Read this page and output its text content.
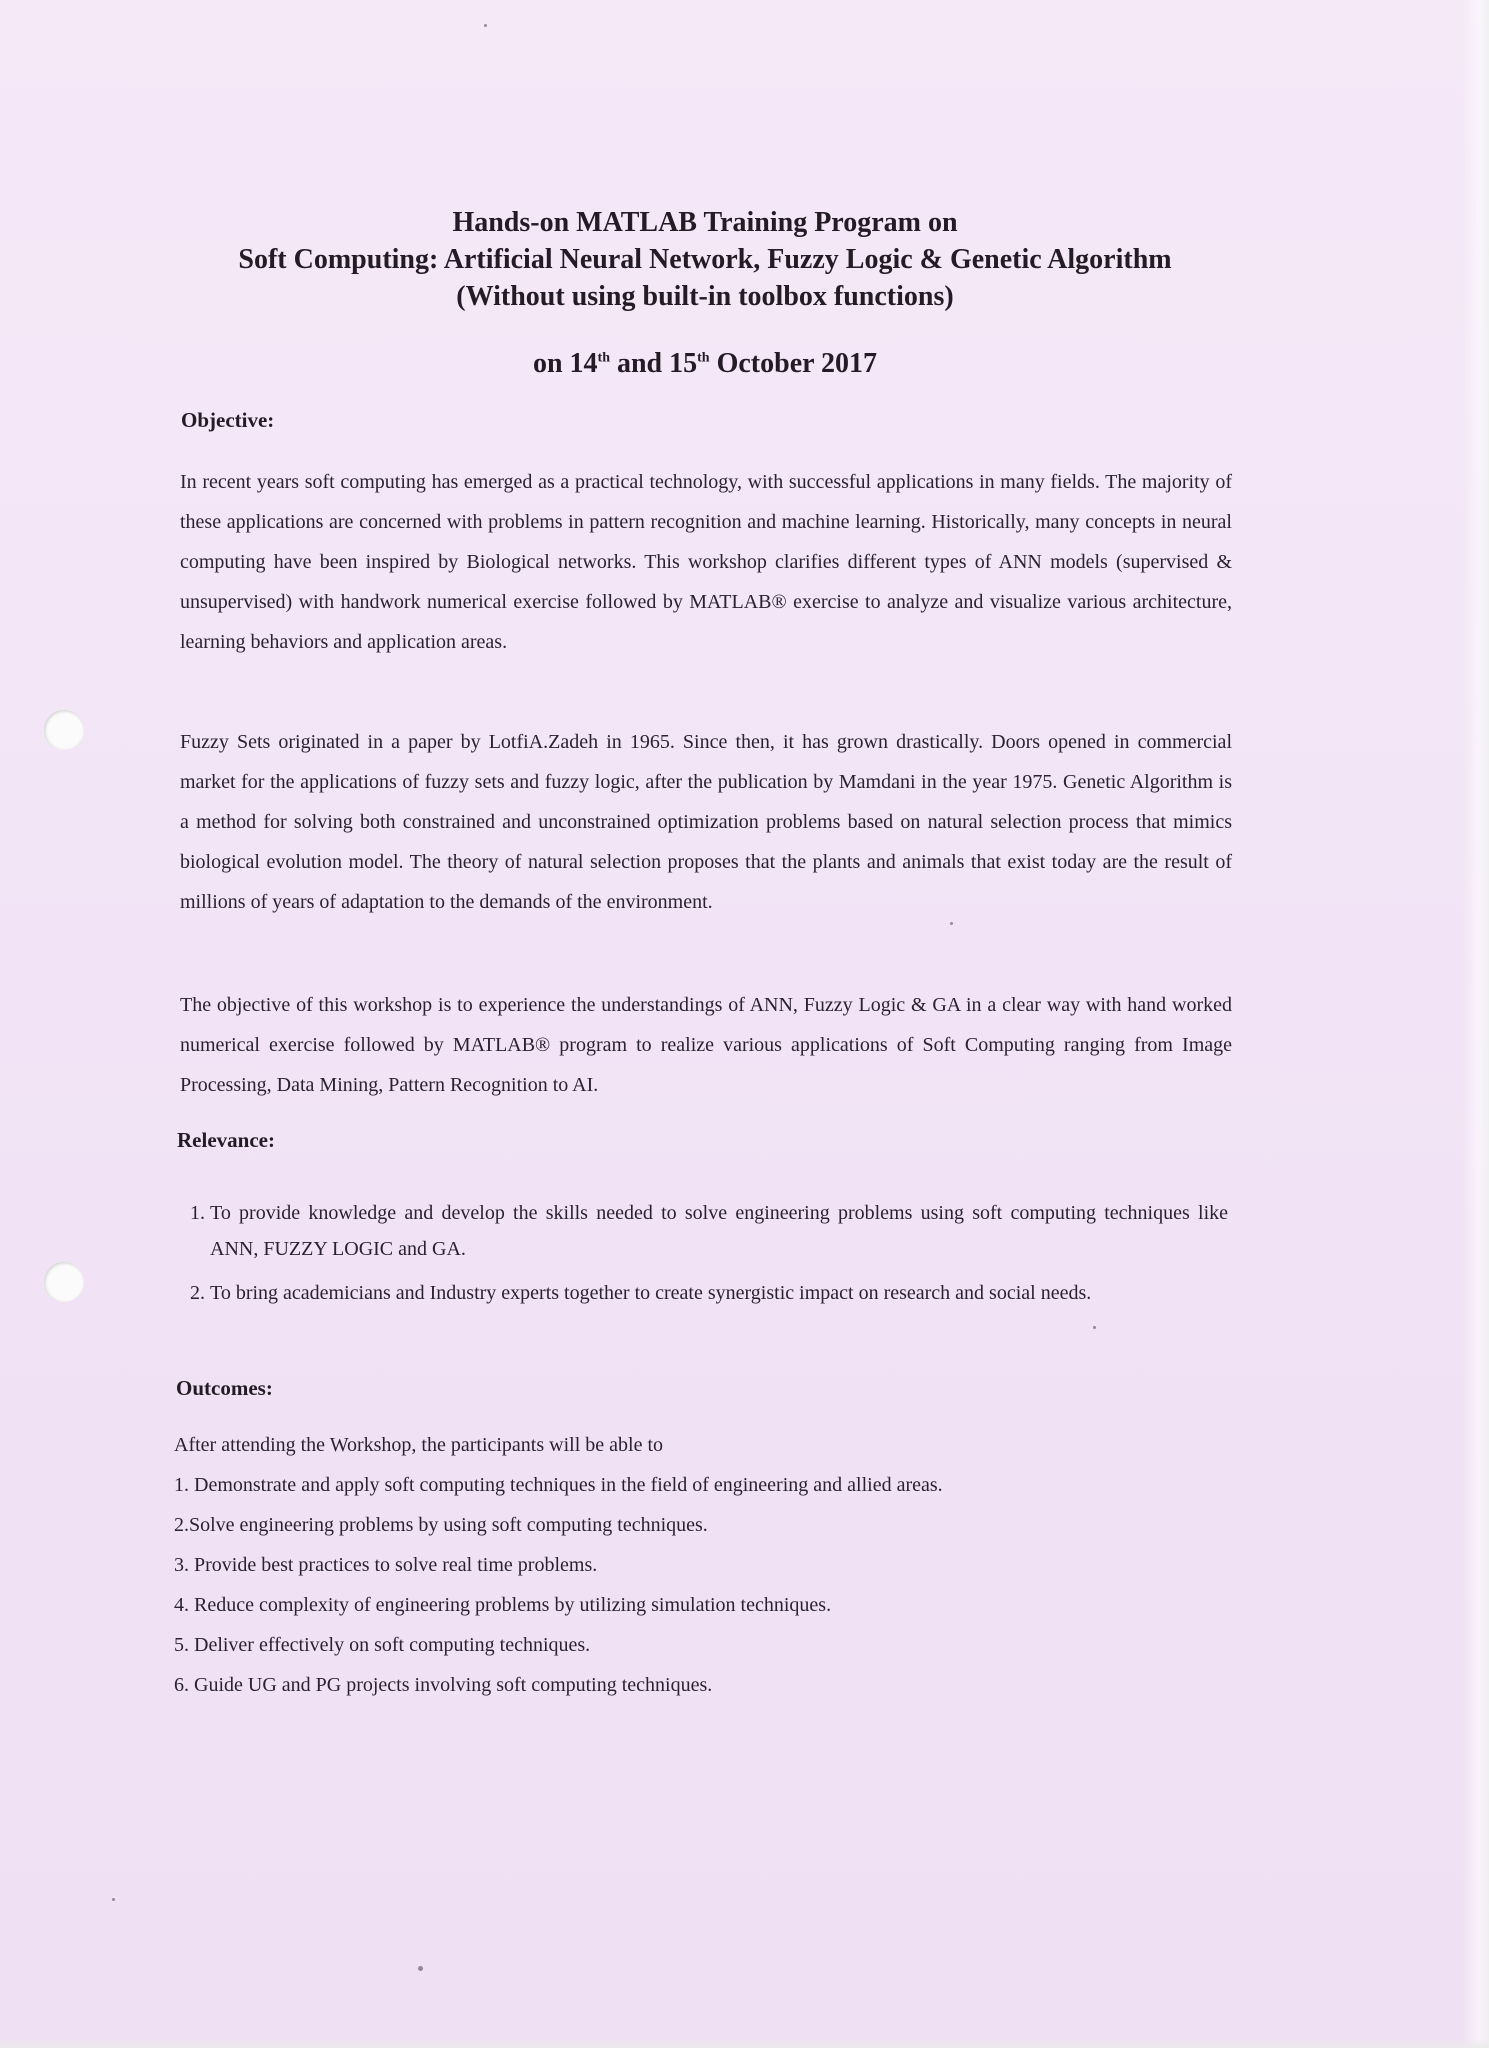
Hands-on MATLAB Training Program on
Soft Computing: Artificial Neural Network, Fuzzy Logic & Genetic Algorithm
(Without using built-in toolbox functions)
on 14th and 15th October 2017
Objective:
In recent years soft computing has emerged as a practical technology, with successful applications in many fields. The majority of these applications are concerned with problems in pattern recognition and machine learning. Historically, many concepts in neural computing have been inspired by Biological networks. This workshop clarifies different types of ANN models (supervised & unsupervised) with handwork numerical exercise followed by MATLAB® exercise to analyze and visualize various architecture, learning behaviors and application areas.
Fuzzy Sets originated in a paper by LotfiA.Zadeh in 1965. Since then, it has grown drastically. Doors opened in commercial market for the applications of fuzzy sets and fuzzy logic, after the publication by Mamdani in the year 1975. Genetic Algorithm is a method for solving both constrained and unconstrained optimization problems based on natural selection process that mimics biological evolution model. The theory of natural selection proposes that the plants and animals that exist today are the result of millions of years of adaptation to the demands of the environment.
The objective of this workshop is to experience the understandings of ANN, Fuzzy Logic & GA in a clear way with hand worked numerical exercise followed by MATLAB® program to realize various applications of Soft Computing ranging from Image Processing, Data Mining, Pattern Recognition to AI.
Relevance:
1. To provide knowledge and develop the skills needed to solve engineering problems using soft computing techniques like ANN, FUZZY LOGIC and GA.
2. To bring academicians and Industry experts together to create synergistic impact on research and social needs.
Outcomes:
After attending the Workshop, the participants will be able to
1. Demonstrate and apply soft computing techniques in the field of engineering and allied areas.
2.Solve engineering problems by using soft computing techniques.
3. Provide best practices to solve real time problems.
4. Reduce complexity of engineering problems by utilizing simulation techniques.
5. Deliver effectively on soft computing techniques.
6. Guide UG and PG projects involving soft computing techniques.
